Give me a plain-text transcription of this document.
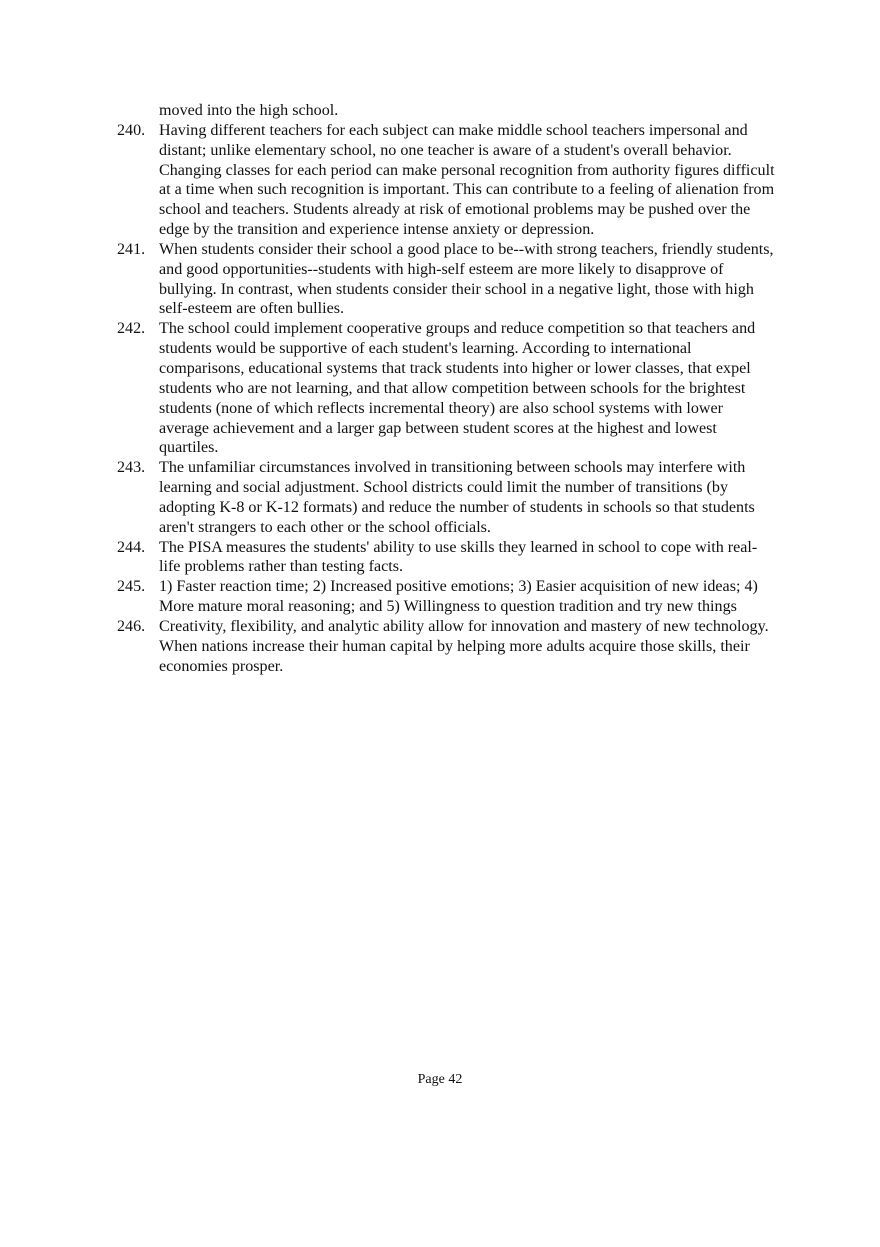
moved into the high school.

240. Having different teachers for each subject can make middle school teachers impersonal and distant; unlike elementary school, no one teacher is aware of a student's overall behavior. Changing classes for each period can make personal recognition from authority figures difficult at a time when such recognition is important. This can contribute to a feeling of alienation from school and teachers. Students already at risk of emotional problems may be pushed over the edge by the transition and experience intense anxiety or depression.
241. When students consider their school a good place to be--with strong teachers, friendly students, and good opportunities--students with high-self esteem are more likely to disapprove of bullying. In contrast, when students consider their school in a negative light, those with high self-esteem are often bullies.
242. The school could implement cooperative groups and reduce competition so that teachers and students would be supportive of each student's learning. According to international comparisons, educational systems that track students into higher or lower classes, that expel students who are not learning, and that allow competition between schools for the brightest students (none of which reflects incremental theory) are also school systems with lower average achievement and a larger gap between student scores at the highest and lowest quartiles.
243. The unfamiliar circumstances involved in transitioning between schools may interfere with learning and social adjustment. School districts could limit the number of transitions (by adopting K-8 or K-12 formats) and reduce the number of students in schools so that students aren't strangers to each other or the school officials.
244. The PISA measures the students' ability to use skills they learned in school to cope with real-life problems rather than testing facts.
245. 1) Faster reaction time; 2) Increased positive emotions; 3) Easier acquisition of new ideas; 4) More mature moral reasoning; and 5) Willingness to question tradition and try new things
246. Creativity, flexibility, and analytic ability allow for innovation and mastery of new technology.   When nations increase their human capital by helping more adults acquire those skills, their economies prosper.
Page 42
